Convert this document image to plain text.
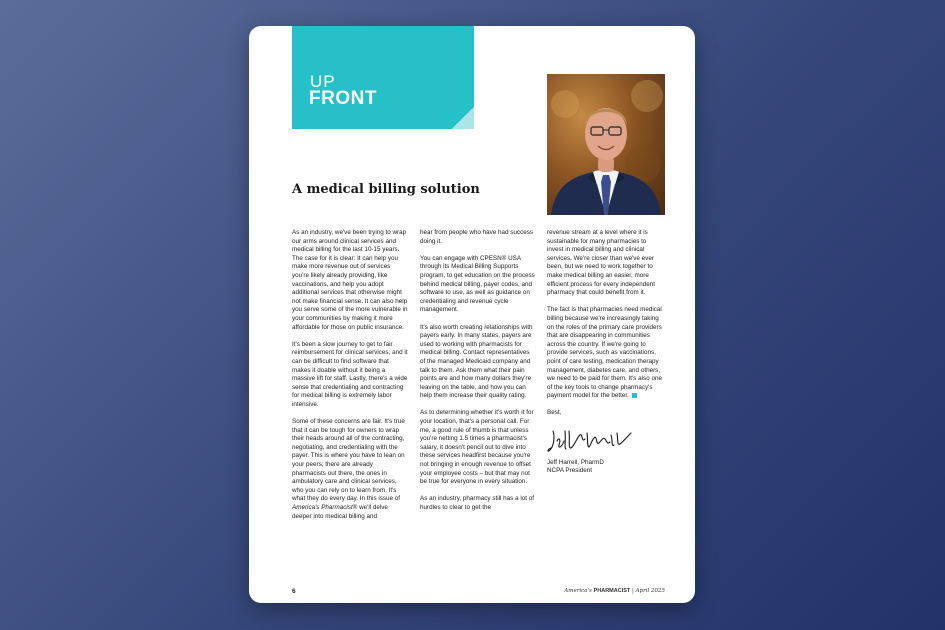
UP
FRONT
A medical billing solution

As an industry, we've been trying to wrap our arms around clinical services and medical billing for the last 10-15 years. The case for it is clear: It can help you make more revenue out of services you're likely already providing, like vaccinations, and help you adopt additional services that otherwise might not make financial sense. It can also help you serve some of the more vulnerable in your communities by making it more affordable for those on public insurance.

It's been a slow journey to get to fair reimbursement for clinical services, and it can be difficult to find software that makes it doable without it being a massive lift for staff. Lastly, there's a wide sense that credentialing and contracting for medical billing is extremely labor intensive.

Some of these concerns are fair. It's true that it can be tough for owners to wrap their heads around all of the contracting, negotiating, and credentialing with the payer. This is where you have to lean on your peers; there are already pharmacists out there, the ones in ambulatory care and clinical services, who you can rely on to learn from. It's what they do every day. In this issue of America's Pharmacist® we'll delve deeper into medical billing and

hear from people who have had success doing it.

You can engage with CPESN® USA through its Medical Billing Supports program, to get education on the process behind medical billing, payer codes, and software to use, as well as guidance on credentialing and revenue cycle management.

It's also worth creating relationships with payers early. In many states, payers are used to working with pharmacists for medical billing. Contact representatives of the managed Medicaid company and talk to them. Ask them what their pain points are and how many dollars they're leaving on the table, and how you can help them increase their quality rating.

As to determining whether it's worth it for your location, that's a personal call. For me, a good rule of thumb is that unless you're netting 1.5 times a pharmacist's salary, it doesn't pencil out to dive into these services headfirst because you're not bringing in enough revenue to offset your employee costs – but that may not be true for everyone in every situation.

As an industry, pharmacy still has a lot of hurdles to clear to get the

revenue stream at a level where it is sustainable for many pharmacies to invest in medical billing and clinical services. We're closer than we've ever been, but we need to work together to make medical billing an easier, more efficient process for every independent pharmacy that could benefit from it.

The fact is that pharmacies need medical billing because we're increasingly taking on the roles of the primary care providers that are disappearing in communities across the country. If we're going to provide services, such as vaccinations, point of care testing, medication therapy management, diabetes care, and others, we need to be paid for them. It's also one of the key tools to change pharmacy's payment model for the better.

Best,

Jeff Harrell, PharmD
NCPA President
6	America's PHARMACIST | April 2025
